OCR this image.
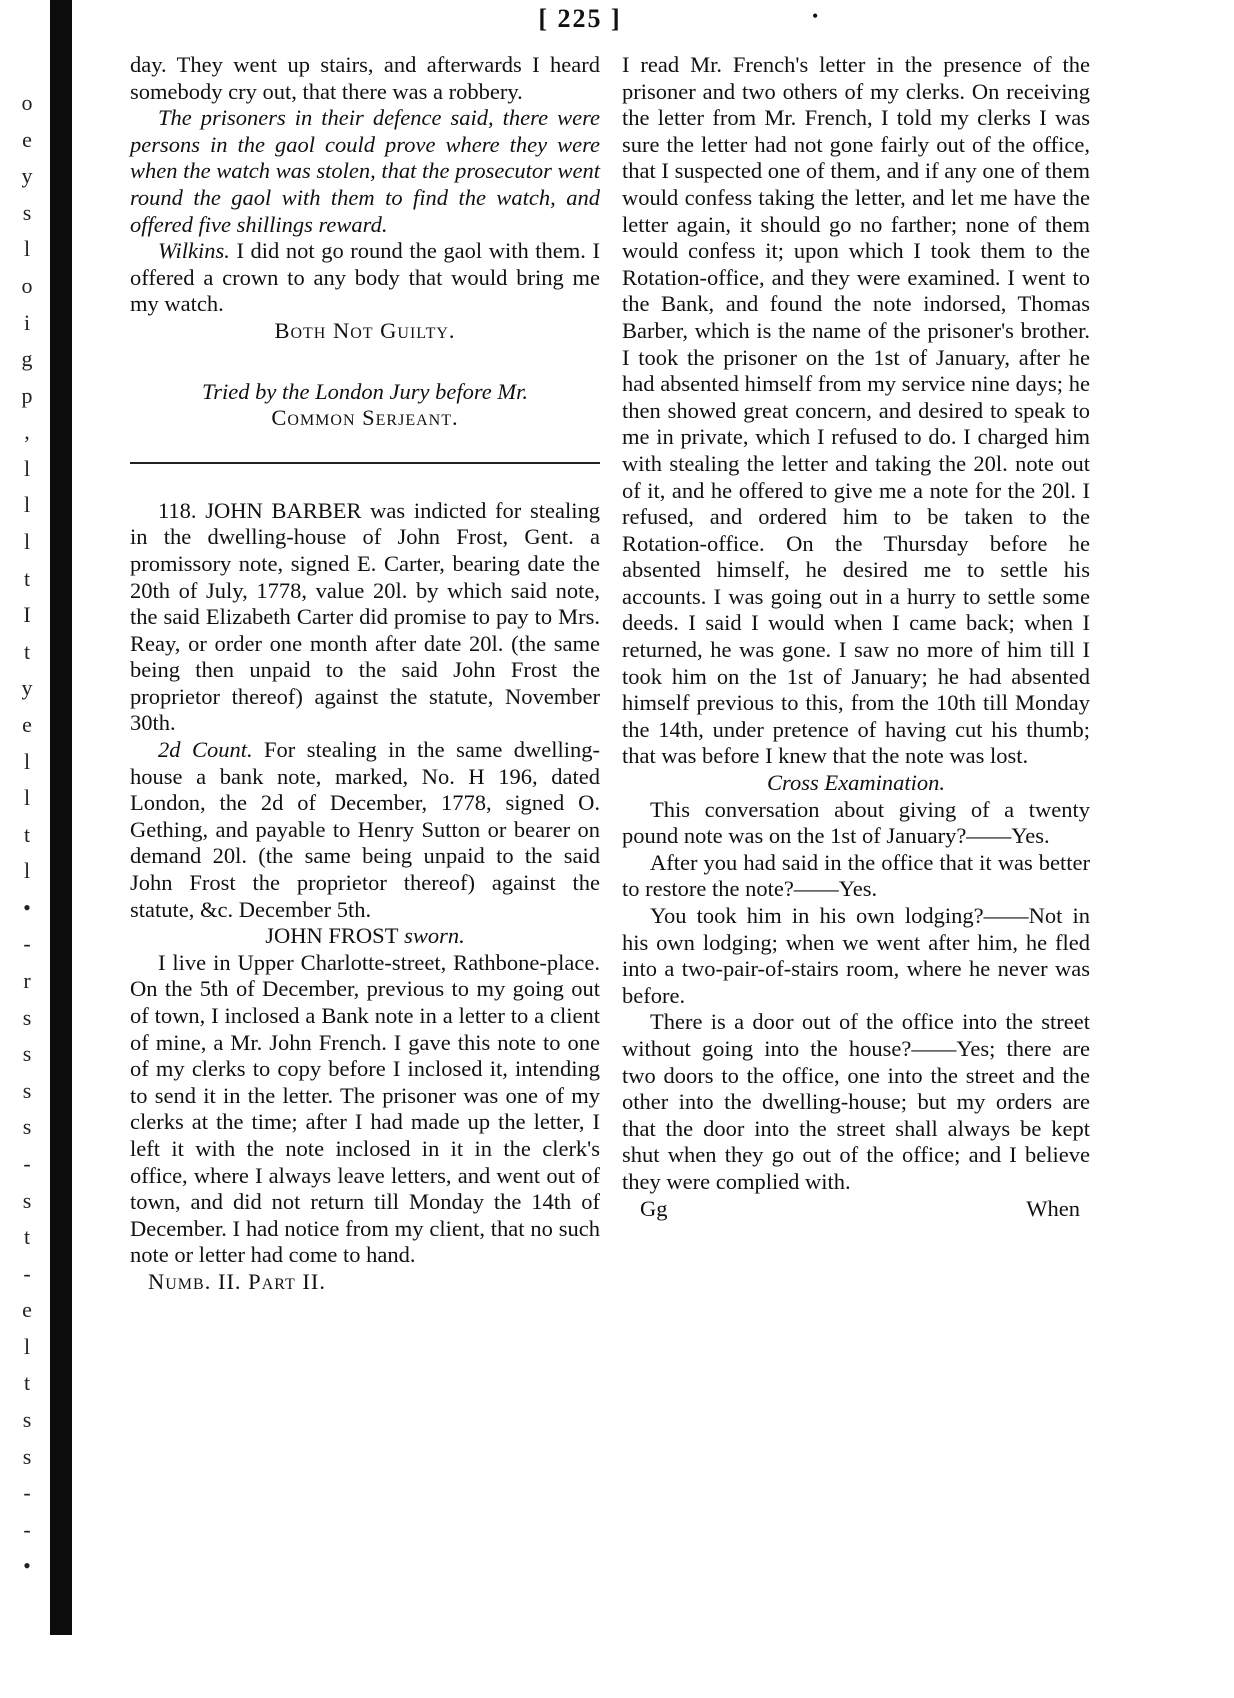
o
e
y
s
l
o
i
g
p
,
l
l
l
t
I
t
y
e
l
l
t
l
•
-
r
s
s
s
s
-
s
t
-
e
l
t
s
s
-
-
•
[ 225 ]	•

day. They went up stairs, and afterwards I heard somebody cry out, that there was a robbery.

The prisoners in their defence said, there were persons in the gaol could prove where they were when the watch was stolen, that the prosecutor went round the gaol with them to find the watch, and offered five shillings reward.

Wilkins. I did not go round the gaol with them. I offered a crown to any body that would bring me my watch.

Both Not Guilty.

Tried by the London Jury before Mr.

Common Serjeant.

118. JOHN BARBER was indicted for stealing in the dwelling-house of John Frost, Gent. a promissory note, signed E. Carter, bearing date the 20th of July, 1778, value 20l. by which said note, the said Elizabeth Carter did promise to pay to Mrs. Reay, or order one month after date 20l. (the same being then unpaid to the said John Frost the proprietor thereof) against the statute, November 30th.

2d Count. For stealing in the same dwelling-house a bank note, marked, No. H 196, dated London, the 2d of December, 1778, signed O. Gething, and payable to Henry Sutton or bearer on demand 20l. (the same being unpaid to the said John Frost the proprietor thereof) against the statute, &c. December 5th.

JOHN FROST sworn.

I live in Upper Charlotte-street, Rathbone-place. On the 5th of December, previous to my going out of town, I inclosed a Bank note in a letter to a client of mine, a Mr. John French. I gave this note to one of my clerks to copy before I inclosed it, intending to send it in the letter. The prisoner was one of my clerks at the time; after I had made up the letter, I left it with the note inclosed in it in the clerk's office, where I always leave letters, and went out of town, and did not return till Monday the 14th of December. I had notice from my client, that no such note or letter had come to hand.

Numb. II. Part II.

I read Mr. French's letter in the presence of the prisoner and two others of my clerks. On receiving the letter from Mr. French, I told my clerks I was sure the letter had not gone fairly out of the office, that I suspected one of them, and if any one of them would confess taking the letter, and let me have the letter again, it should go no farther; none of them would confess it; upon which I took them to the Rotation-office, and they were examined. I went to the Bank, and found the note indorsed, Thomas Barber, which is the name of the prisoner's brother. I took the prisoner on the 1st of January, after he had absented himself from my service nine days; he then showed great concern, and desired to speak to me in private, which I refused to do. I charged him with stealing the letter and taking the 20l. note out of it, and he offered to give me a note for the 20l. I refused, and ordered him to be taken to the Rotation-office. On the Thursday before he absented himself, he desired me to settle his accounts. I was going out in a hurry to settle some deeds. I said I would when I came back; when I returned, he was gone. I saw no more of him till I took him on the 1st of January; he had absented himself previous to this, from the 10th till Monday the 14th, under pretence of having cut his thumb; that was before I knew that the note was lost.

Cross Examination.

This conversation about giving of a twenty pound note was on the 1st of January?——Yes.

After you had said in the office that it was better to restore the note?——Yes.

You took him in his own lodging?——Not in his own lodging; when we went after him, he fled into a two-pair-of-stairs room, where he never was before.

There is a door out of the office into the street without going into the house?——Yes; there are two doors to the office, one into the street and the other into the dwelling-house; but my orders are that the door into the street shall always be kept shut when they go out of the office; and I believe they were complied with.

Gg	When
